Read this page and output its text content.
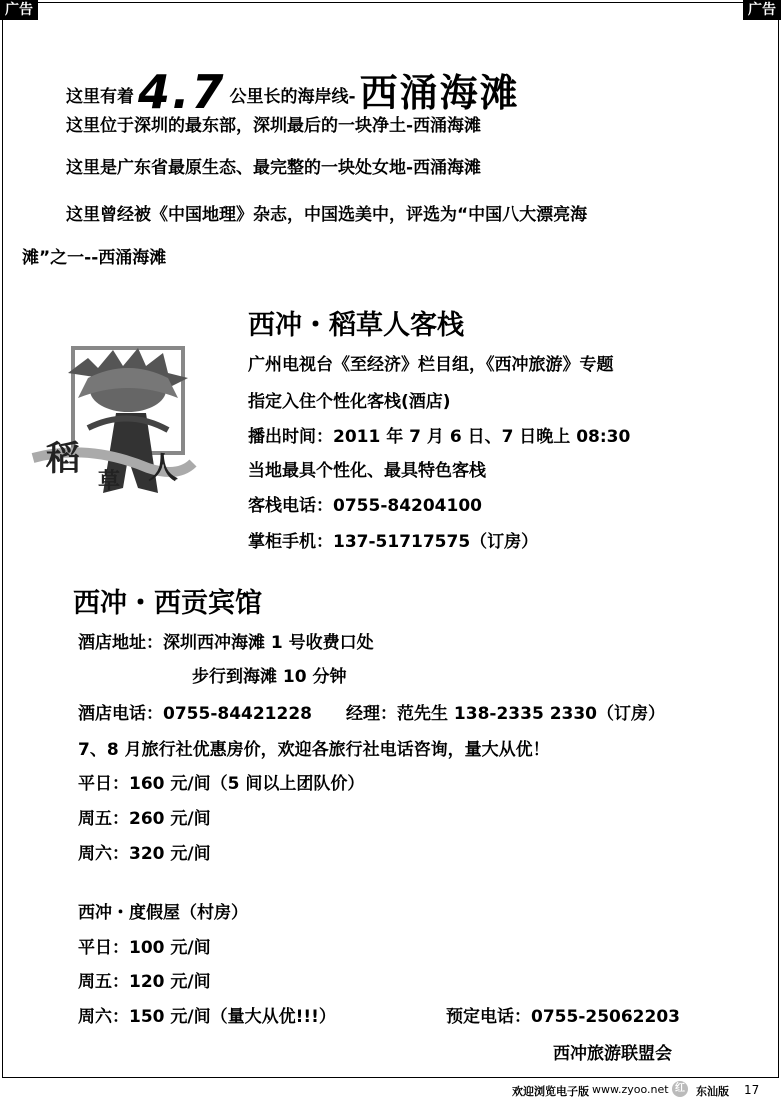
广告	广告
这里有着4.7 公里长的海岸线- 西涌海滩
这里位于深圳的最东部，深圳最后的一块净土-西涌海滩
这里是广东省最原生态、最完整的一块处女地-西涌海滩
这里曾经被《中国地理》杂志，中国选美中，评选为“中国八大漂亮海
滩”之一--西涌海滩
稻
草 人
西冲・稻草人客栈
广州电视台《至经济》栏目组，《西冲旅游》专题
指定入住个性化客栈(酒店)
播出时间：2011 年 7 月 6 日、7 日晚上 08:30
当地最具个性化、最具特色客栈
客栈电话：0755-84204100
掌柜手机：137-51717575（订房）
西冲・西贡宾馆
酒店地址：深圳西冲海滩 1 号收费口处
步行到海滩 10 分钟
酒店电话：0755-84421228　　经理：范先生 138-2335 2330（订房）
7、8 月旅行社优惠房价，欢迎各旅行社电话咨询，量大从优！
平日：160 元/间（5 间以上团队价）
周五：260 元/间
周六：320 元/间
西冲・度假屋（村房）
平日：100 元/间
周五：120 元/间
周六：150 元/间（量大从优!!!）	预定电话：0755-25062203
西冲旅游联盟会
欢迎浏览电子版 www.zyoo.net 红 东汕版 17
